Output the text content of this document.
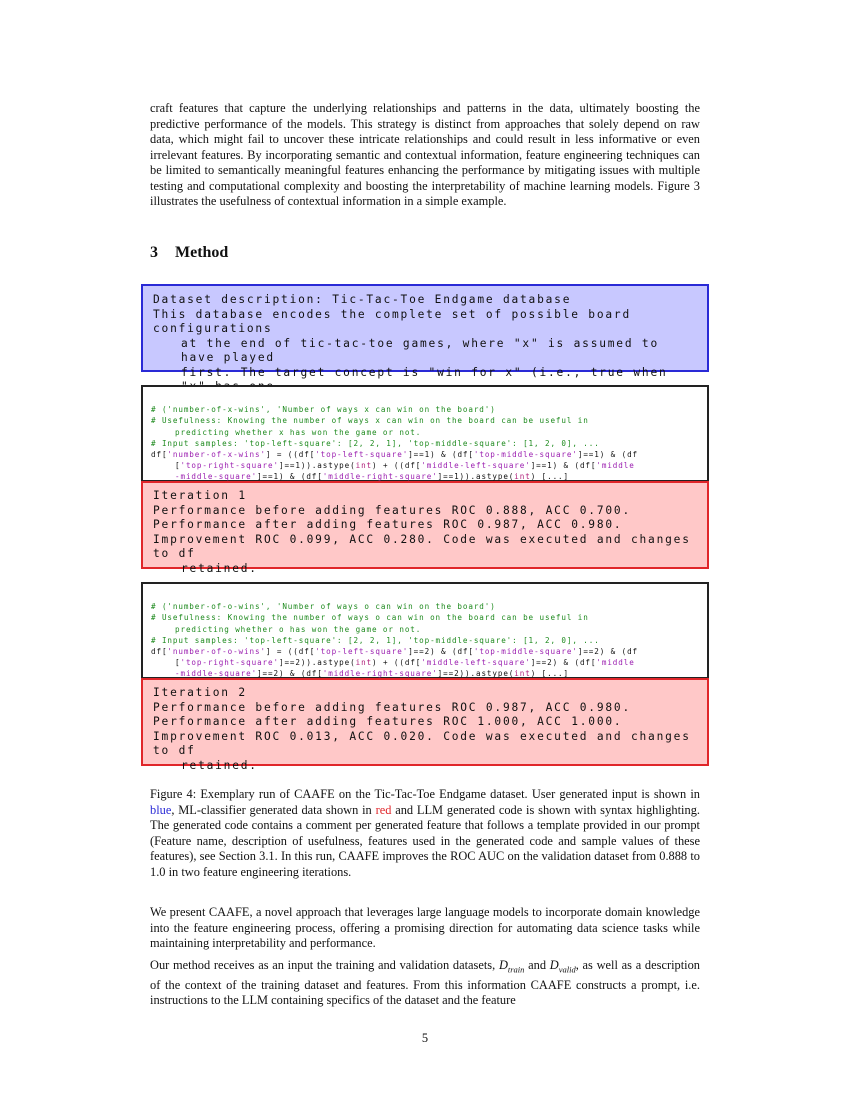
craft features that capture the underlying relationships and patterns in the data, ultimately boosting the predictive performance of the models. This strategy is distinct from approaches that solely depend on raw data, which might fail to uncover these intricate relationships and could result in less informative or even irrelevant features. By incorporating semantic and contextual information, feature engineering techniques can be limited to semantically meaningful features enhancing the performance by mitigating issues with multiple testing and computational complexity and boosting the interpretability of machine learning models. Figure 3 illustrates the usefulness of contextual information in a simple example.

3 Method
Dataset description: Tic-Tac-Toe Endgame database
This database encodes the complete set of possible board configurations
at the end of tic-tac-toe games, where "x" is assumed to have played
first. The target concept is "win for x" (i.e., true when

# ('number-of-x-wins', 'Number of ways x can win on the board')
# Usefulness: Knowing the number of ways x can win on the board can be useful in
predicting whether x has won the game or not.
# Input samples: 'top-left-square': [2, 2, 1], 'top-middle-square': [1, 2, 0], ...
df['number-of-x-wins'] = ((df['top-left-square']==1) & (df['top-middle-square']==1) & (df
['top-right-square']==1)).astype(int) + ((df['middle-left-square']==1) & (df['middle
-middle-square']==1) & (df['middle-right-square']==1)).astype(int) [...]

Iteration 1
Performance before adding features ROC 0.888, ACC 0.700.
Performance after adding features ROC 0.987, ACC 0.980.
Improvement ROC 0.099, ACC 0.280. Code was executed and changes to df
retained.

# ('number-of-o-wins', 'Number of ways o can win on the board')
# Usefulness: Knowing the number of ways o can win on the board can be useful in
predicting whether o has won the game or not.
# Input samples: 'top-left-square': [2, 2, 1], 'top-middle-square': [1, 2, 0], ...
df['number-of-o-wins'] = ((df['top-left-square']==2) & (df['top-middle-square']==2) & (df
['top-right-square']==2)).astype(int) + ((df['middle-left-square']==2) & (df['middle
-middle-square']==2) & (df['middle-right-square']==2)).astype(int) [...]

Iteration 2
Performance before adding features ROC 0.987, ACC 0.980.
Performance after adding features ROC 1.000, ACC 1.000.
Improvement ROC 0.013, ACC 0.020. Code was executed and changes to df
retained.

Figure 4: Exemplary run of CAAFE on the Tic-Tac-Toe Endgame dataset. User generated input is shown in blue, ML-classifier generated data shown in red and LLM generated code is shown with syntax highlighting. The generated code contains a comment per generated feature that follows a template provided in our prompt (Feature name, description of usefulness, features used in the generated code and sample values of these features), see Section 3.1. In this run, CAAFE improves the ROC AUC on the validation dataset from 0.888 to 1.0 in two feature engineering iterations.

We present CAAFE, a novel approach that leverages large language models to incorporate domain knowledge into the feature engineering process, offering a promising direction for automating data science tasks while maintaining interpretability and performance.

Our method receives as an input the training and validation datasets, $D_{train}$ and $D_{valid}$, as well as a description of the context of the training dataset and features. From this information CAAFE constructs a prompt, i.e. instructions to the LLM containing specifics of the dataset and the feature

5
